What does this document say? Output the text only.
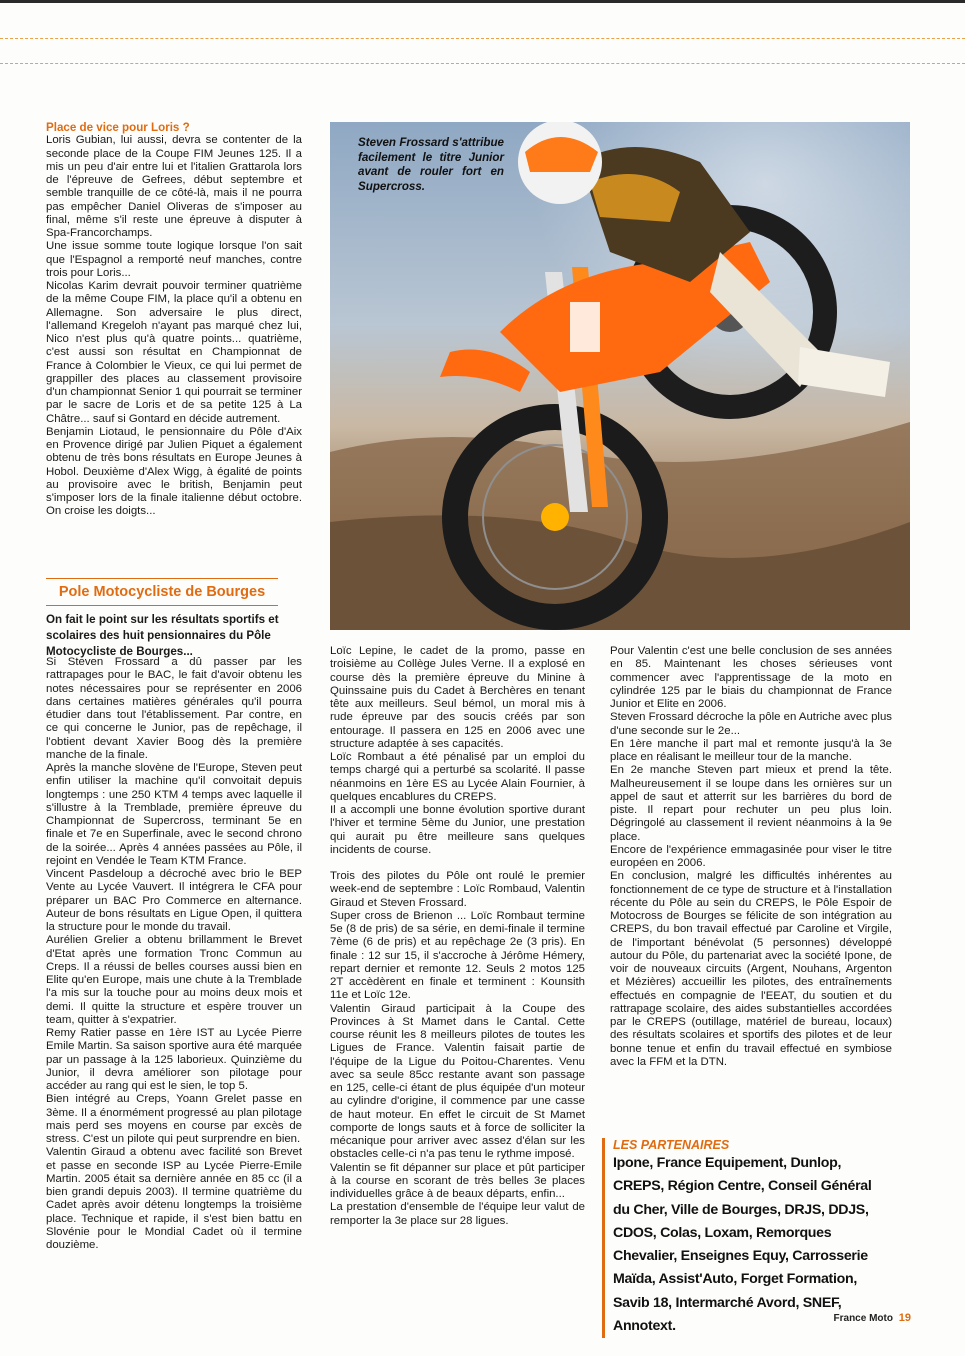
Place de vice pour Loris ?

Loris Gubian, lui aussi, devra se contenter de la seconde place de la Coupe FIM Jeunes 125. Il a mis un peu d'air entre lui et l'italien Grattarola lors de l'épreuve de Gefrees, début septembre et semble tranquille de ce côté-là, mais il ne pourra pas empêcher Daniel Oliveras de s'imposer au final, même s'il reste une épreuve à disputer à Spa-Francorchamps.

Une issue somme toute logique lorsque l'on sait que l'Espagnol a remporté neuf manches, contre trois pour Loris...

Nicolas Karim devrait pouvoir terminer quatrième de la même Coupe FIM, la place qu'il a obtenu en Allemagne. Son adversaire le plus direct, l'allemand Kregeloh n'ayant pas marqué chez lui, Nico n'est plus qu'à quatre points... quatrième, c'est aussi son résultat en Championnat de France à Colombier le Vieux, ce qui lui permet de grappiller des places au classement provisoire d'un championnat Senior 1 qui pourrait se terminer par le sacre de Loris et de sa petite 125 à La Châtre... sauf si Gontard en décide autrement.

Benjamin Liotaud, le pensionnaire du Pôle d'Aix en Provence dirigé par Julien Piquet a également obtenu de très bons résultats en Europe Jeunes à Hobol. Deuxième d'Alex Wigg, à égalité de points au provisoire avec le british, Benjamin peut s'imposer lors de la finale italienne début octobre. On croise les doigts...

Steven Frossard s'attribue facilement le titre Junior avant de rouler fort en Supercross.
Pole Motocycliste de Bourges
On fait le point sur les résultats sportifs et scolaires des huit pensionnaires du Pôle Motocycliste de Bourges...

Si Steven Frossard a dû passer par les rattrapages pour le BAC, le fait d'avoir obtenu les notes nécessaires pour se représenter en 2006 dans certaines matières générales qu'il pourra étudier dans tout l'établissement. Par contre, en ce qui concerne le Junior, pas de repêchage, il l'obtient devant Xavier Boog dès la première manche de la finale.

Après la manche slovène de l'Europe, Steven peut enfin utiliser la machine qu'il convoitait depuis longtemps : une 250 KTM 4 temps avec laquelle il s'illustre à la Tremblade, première épreuve du Championnat de Supercross, terminant 5e en finale et 7e en Superfinale, avec le second chrono de la soirée... Après 4 années passées au Pôle, il rejoint en Vendée le Team KTM France.

Vincent Pasdeloup a décroché avec brio le BEP Vente au Lycée Vauvert. Il intégrera le CFA pour préparer un BAC Pro Commerce en alternance. Auteur de bons résultats en Ligue Open, il quittera la structure pour le monde du travail.

Aurélien Grelier a obtenu brillamment le Brevet d'Etat après une formation Tronc Commun au Creps. Il a réussi de belles courses aussi bien en Elite qu'en Europe, mais une chute à la Tremblade l'a mis sur la touche pour au moins deux mois et demi. Il quitte la structure et espère trouver un team, quitter à s'expatrier.

Remy Ratier passe en 1ère IST au Lycée Pierre Emile Martin. Sa saison sportive aura été marquée par un passage à la 125 laborieux. Quinzième du Junior, il devra améliorer son pilotage pour accéder au rang qui est le sien, le top 5.

Bien intégré au Creps, Yoann Grelet passe en 3ème. Il a énormément progressé au plan pilotage mais perd ses moyens en course par excès de stress. C'est un pilote qui peut surprendre en bien.

Valentin Giraud a obtenu avec facilité son Brevet et passe en seconde ISP au Lycée Pierre-Emile Martin. 2005 était sa dernière année en 85 cc (il a bien grandi depuis 2003). Il termine quatrième du Cadet après avoir détenu longtemps la troisième place. Technique et rapide, il s'est bien battu en Slovénie pour le Mondial Cadet où il termine douzième.

Loïc Lepine, le cadet de la promo, passe en troisième au Collège Jules Verne. Il a explosé en course dès la première épreuve du Minine à Quinssaine puis du Cadet à Berchères en tenant tête aux meilleurs. Seul bémol, un moral mis à rude épreuve par des soucis créés par son entourage. Il passera en 125 en 2006 avec une structure adaptée à ses capacités.

Loïc Rombaut a été pénalisé par un emploi du temps chargé qui a perturbé sa scolarité. Il passe néanmoins en 1ère ES au Lycée Alain Fournier, à quelques encablures du CREPS.

Il a accompli une bonne évolution sportive durant l'hiver et termine 5ème du Junior, une prestation qui aurait pu être meilleure sans quelques incidents de course.

Trois des pilotes du Pôle ont roulé le premier week-end de septembre : Loïc Rombaud, Valentin Giraud et Steven Frossard.

Super cross de Brienon ... Loïc Rombaut termine 5e (8 de pris) de sa série, en demi-finale il termine 7ème (6 de pris) et au repêchage 2e (3 pris). En finale : 12 sur 15, il s'accroche à Jérôme Hémery, repart dernier et remonte 12. Seuls 2 motos 125 2T accèdèrent en finale et terminent : Kounsith 11e et Loïc 12e.

Valentin Giraud participait à la Coupe des Provinces à St Mamet dans le Cantal. Cette course réunit les 8 meilleurs pilotes de toutes les Ligues de France. Valentin faisait partie de l'équipe de la Ligue du Poitou-Charentes. Venu avec sa seule 85cc restante avant son passage en 125, celle-ci étant de plus équipée d'un moteur au cylindre d'origine, il commence par une casse de haut moteur. En effet le circuit de St Mamet comporte de longs sauts et à force de solliciter la mécanique pour arriver avec assez d'élan sur les obstacles celle-ci n'a pas tenu le rythme imposé.

Valentin se fit dépanner sur place et pût participer à la course en scorant de très belles 3e places individuelles grâce à de beaux départs, enfin...

La prestation d'ensemble de l'équipe leur valut de remporter la 3e place sur 28 ligues.

Pour Valentin c'est une belle conclusion de ses années en 85. Maintenant les choses sérieuses vont commencer avec l'apprentissage de la moto en cylindrée 125 par le biais du championnat de France Junior et Elite en 2006.

Steven Frossard décroche la pôle en Autriche avec plus d'une seconde sur le 2e...

En 1ère manche il part mal et remonte jusqu'à la 3e place en réalisant le meilleur tour de la manche.

En 2e manche Steven part mieux et prend la tête. Malheureusement il se loupe dans les ornières sur un appel de saut et atterrit sur les barrières du bord de piste. Il repart pour rechuter un peu plus loin. Dégringolé au classement il revient néanmoins à la 9e place.

Encore de l'expérience emmagasinée pour viser le titre européen en 2006.

En conclusion, malgré les difficultés inhérentes au fonctionnement de ce type de structure et à l'installation récente du Pôle au sein du CREPS, le Pôle Espoir de Motocross de Bourges se félicite de son intégration au CREPS, du bon travail effectué par Caroline et Virgile, de l'important bénévolat (5 personnes) développé autour du Pôle, du partenariat avec la société Ipone, de voir de nouveaux circuits (Argent, Nouhans, Argenton et Mézières) accueillir les pilotes, des entraînements effectués en compagnie de l'EEAT, du soutien et du rattrapage scolaire, des aides substantielles accordées par le CREPS (outillage, matériel de bureau, locaux) des résultats scolaires et sportifs des pilotes et de leur bonne tenue et enfin du travail effectué en symbiose avec la FFM et la DTN.

LES PARTENAIRES
Ipone, France Equipement, Dunlop, CREPS, Région Centre, Conseil Général du Cher, Ville de Bourges, DRJS, DDJS, CDOS, Colas, Loxam, Remorques Chevalier, Enseignes Equy, Carrosserie Maïda, Assist'Auto, Forget Formation, Savib 18, Intermarché Avord, SNEF, Annotext.	France Moto 19
